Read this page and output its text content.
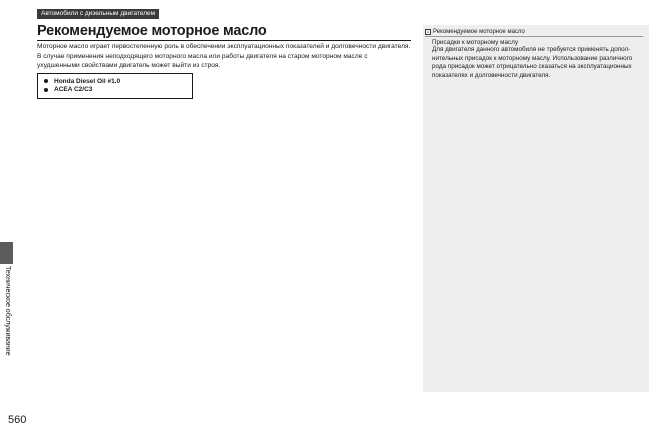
Автомобили с дизельным двигателем
Рекомендуемое моторное масло
Моторное масло играет первостепенную роль в обеспечении эксплуатационных показателей и долговечности двигателя. В случае применения неподходящего моторного масла или работы двигателя на старом моторном масле с ухудшенными свойствами двигатель может выйти из строя.
Honda Diesel Oil #1.0
ACEA C2/C3
Техническое обслуживание
560
1 Рекомендуемое моторное масло
Присадки к моторному маслу
Для двигателя данного автомобиля не требуется применять допол-нительных присадок к моторному маслу. Использование различного рода присадок может отрицательно сказаться на эксплуатационных показателях и долговечности двигателя.
